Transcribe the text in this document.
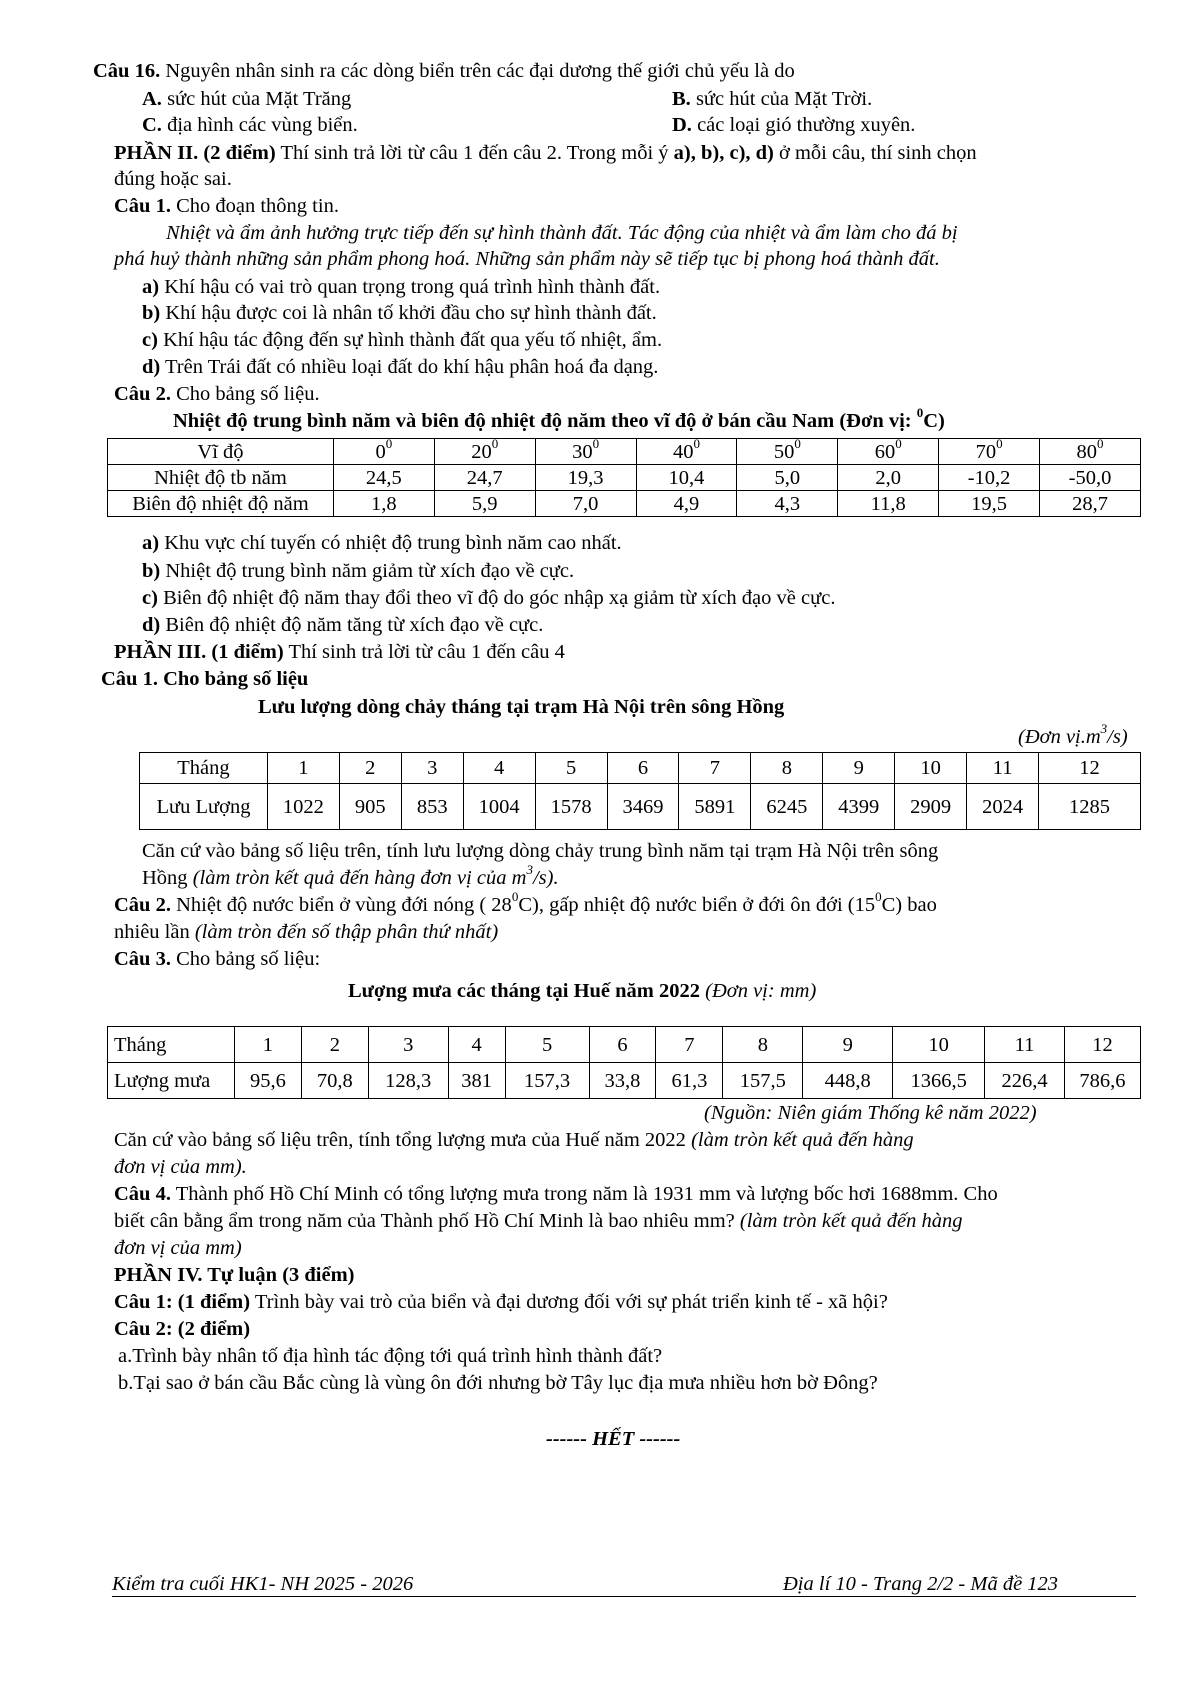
Câu 16. Nguyên nhân sinh ra các dòng biển trên các đại dương thế giới chủ yếu là do
A. sức hút của Mặt Trăng	B. sức hút của Mặt Trời.
C. địa hình các vùng biển.	D. các loại gió thường xuyên.
PHẦN II. (2 điểm) Thí sinh trả lời từ câu 1 đến câu 2. Trong mỗi ý a), b), c), d) ở mỗi câu, thí sinh chọn
đúng hoặc sai.
Câu 1. Cho đoạn thông tin.
Nhiệt và ẩm ảnh hưởng trực tiếp đến sự hình thành đất. Tác động của nhiệt và ẩm làm cho đá bị
phá huỷ thành những sản phẩm phong hoá. Những sản phẩm này sẽ tiếp tục bị phong hoá thành đất.
a) Khí hậu có vai trò quan trọng trong quá trình hình thành đất.
b) Khí hậu được coi là nhân tố khởi đầu cho sự hình thành đất.
c) Khí hậu tác động đến sự hình thành đất qua yếu tố nhiệt, ẩm.
d) Trên Trái đất có nhiều loại đất do khí hậu phân hoá đa dạng.
Câu 2. Cho bảng số liệu.
Nhiệt độ trung bình năm và biên độ nhiệt độ năm theo vĩ độ ở bán cầu Nam (Đơn vị: $^0$C)
Vĩ độ	$0^0$	$20^0$	$30^0$	$40^0$	$50^0$	$60^0$	$70^0$	$80^0$
Nhiệt độ tb năm	24,5	24,7	19,3	10,4	5,0	2,0	-10,2	-50,0
Biên độ nhiệt độ năm	1,8	5,9	7,0	4,9	4,3	11,8	19,5	28,7
a) Khu vực chí tuyến có nhiệt độ trung bình năm cao nhất.
b) Nhiệt độ trung bình năm giảm từ xích đạo về cực.
c) Biên độ nhiệt độ năm thay đổi theo vĩ độ do góc nhập xạ giảm từ xích đạo về cực.
d) Biên độ nhiệt độ năm tăng từ xích đạo về cực.
PHẦN III. (1 điểm) Thí sinh trả lời từ câu 1 đến câu 4
Câu 1. Cho bảng số liệu
Lưu lượng dòng chảy tháng tại trạm Hà Nội trên sông Hồng
(Đơn $vị.m^3/s$)
Tháng	1	2	3	4	5	6	7	8	9	10	11	12
Lưu Lượng	1022	905	853	1004	1578	3469	5891	6245	4399	2909	2024	1285
Căn cứ vào bảng số liệu trên, tính lưu lượng dòng chảy trung bình năm tại trạm Hà Nội trên sông
Hồng (làm tròn kết quả đến hàng đơn vị của $m^3/s$).
Câu 2. Nhiệt độ nước biển ở vùng đới nóng ( $28^0C$), gấp nhiệt độ nước biển ở đới ôn đới $(15^0C)$ bao
nhiêu lần (làm tròn đến số thập phân thứ nhất)
Câu 3. Cho bảng số liệu:
Lượng mưa các tháng tại Huế năm 2022 (Đơn vị: mm)
Tháng	1	2	3	4	5	6	7	8	9	10	11	12
Lượng mưa	95,6	70,8	128,3	381	157,3	33,8	61,3	157,5	448,8	1366,5	226,4	786,6
(Nguồn: Niên giám Thống kê năm 2022)
Căn cứ vào bảng số liệu trên, tính tổng lượng mưa của Huế năm 2022 (làm tròn kết quả đến hàng
đơn vị của mm).
Câu 4. Thành phố Hồ Chí Minh có tổng lượng mưa trong năm là 1931 mm và lượng bốc hơi 1688mm. Cho
biết cân bằng ẩm trong năm của Thành phố Hồ Chí Minh là bao nhiêu mm? (làm tròn kết quả đến hàng
đơn vị của mm)
PHẦN IV. Tự luận (3 điểm)
Câu 1: (1 điểm) Trình bày vai trò của biển và đại dương đối với sự phát triển kinh tế - xã hội?
Câu 2: (2 điểm)
a.Trình bày nhân tố địa hình tác động tới quá trình hình thành đất?
b.Tại sao ở bán cầu Bắc cùng là vùng ôn đới nhưng bờ Tây lục địa mưa nhiều hơn bờ Đông?
------ HẾT ------
Kiểm tra cuối HK1- NH 2025 - 2026	Địa lí 10 - Trang 2/2 - Mã đề 123
